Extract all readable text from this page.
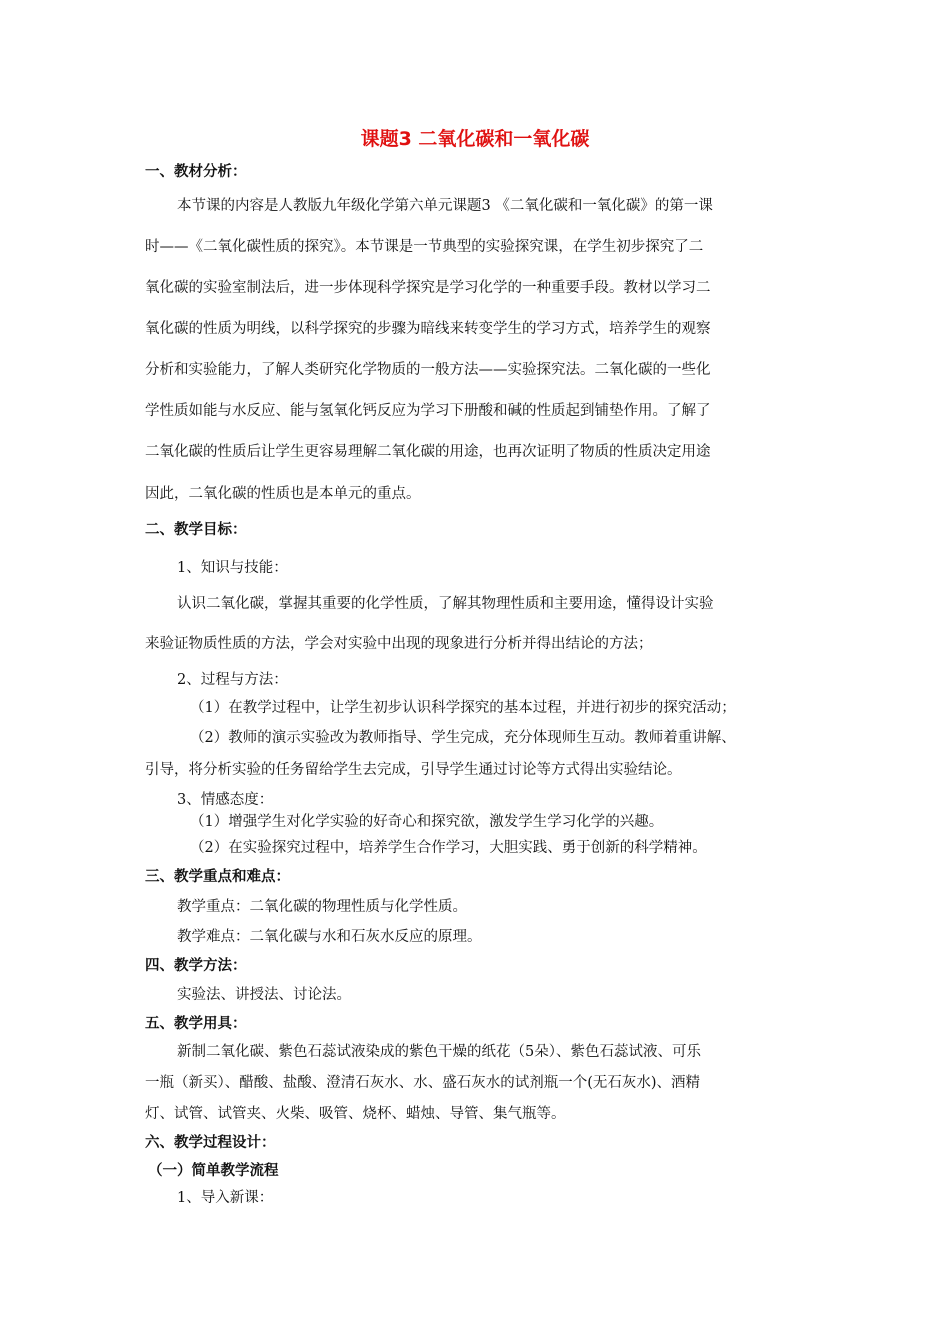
课题3 二氧化碳和一氧化碳
一、教材分析：
本节课的内容是人教版九年级化学第六单元课题3 《二氧化碳和一氧化碳》的第一课
时——《二氧化碳性质的探究》。本节课是一节典型的实验探究课，在学生初步探究了二
氧化碳的实验室制法后，进一步体现科学探究是学习化学的一种重要手段。教材以学习二
氧化碳的性质为明线，以科学探究的步骤为暗线来转变学生的学习方式，培养学生的观察
分析和实验能力，了解人类研究化学物质的一般方法——实验探究法。二氧化碳的一些化
学性质如能与水反应、能与氢氧化钙反应为学习下册酸和碱的性质起到铺垫作用。了解了
二氧化碳的性质后让学生更容易理解二氧化碳的用途，也再次证明了物质的性质决定用途
因此，二氧化碳的性质也是本单元的重点。
二、教学目标：
1、知识与技能：
认识二氧化碳，掌握其重要的化学性质，了解其物理性质和主要用途，懂得设计实验
来验证物质性质的方法，学会对实验中出现的现象进行分析并得出结论的方法；
2、过程与方法：
（1）在教学过程中，让学生初步认识科学探究的基本过程，并进行初步的探究活动；
（2）教师的演示实验改为教师指导、学生完成，充分体现师生互动。教师着重讲解、
引导，将分析实验的任务留给学生去完成，引导学生通过讨论等方式得出实验结论。
3、情感态度：
（1）增强学生对化学实验的好奇心和探究欲，激发学生学习化学的兴趣。
（2）在实验探究过程中，培养学生合作学习，大胆实践、勇于创新的科学精神。
三、教学重点和难点：
教学重点：二氧化碳的物理性质与化学性质。
教学难点：二氧化碳与水和石灰水反应的原理。
四、教学方法：
实验法、讲授法、讨论法。
五、教学用具：
新制二氧化碳、紫色石蕊试液染成的紫色干燥的纸花（5朵）、紫色石蕊试液、可乐
一瓶（新买）、醋酸、盐酸、澄清石灰水、水、盛石灰水的试剂瓶一个(无石灰水)、酒精
灯、试管、试管夹、火柴、吸管、烧杯、蜡烛、导管、集气瓶等。
六、教学过程设计：
（一）简单教学流程
1、导入新课：
